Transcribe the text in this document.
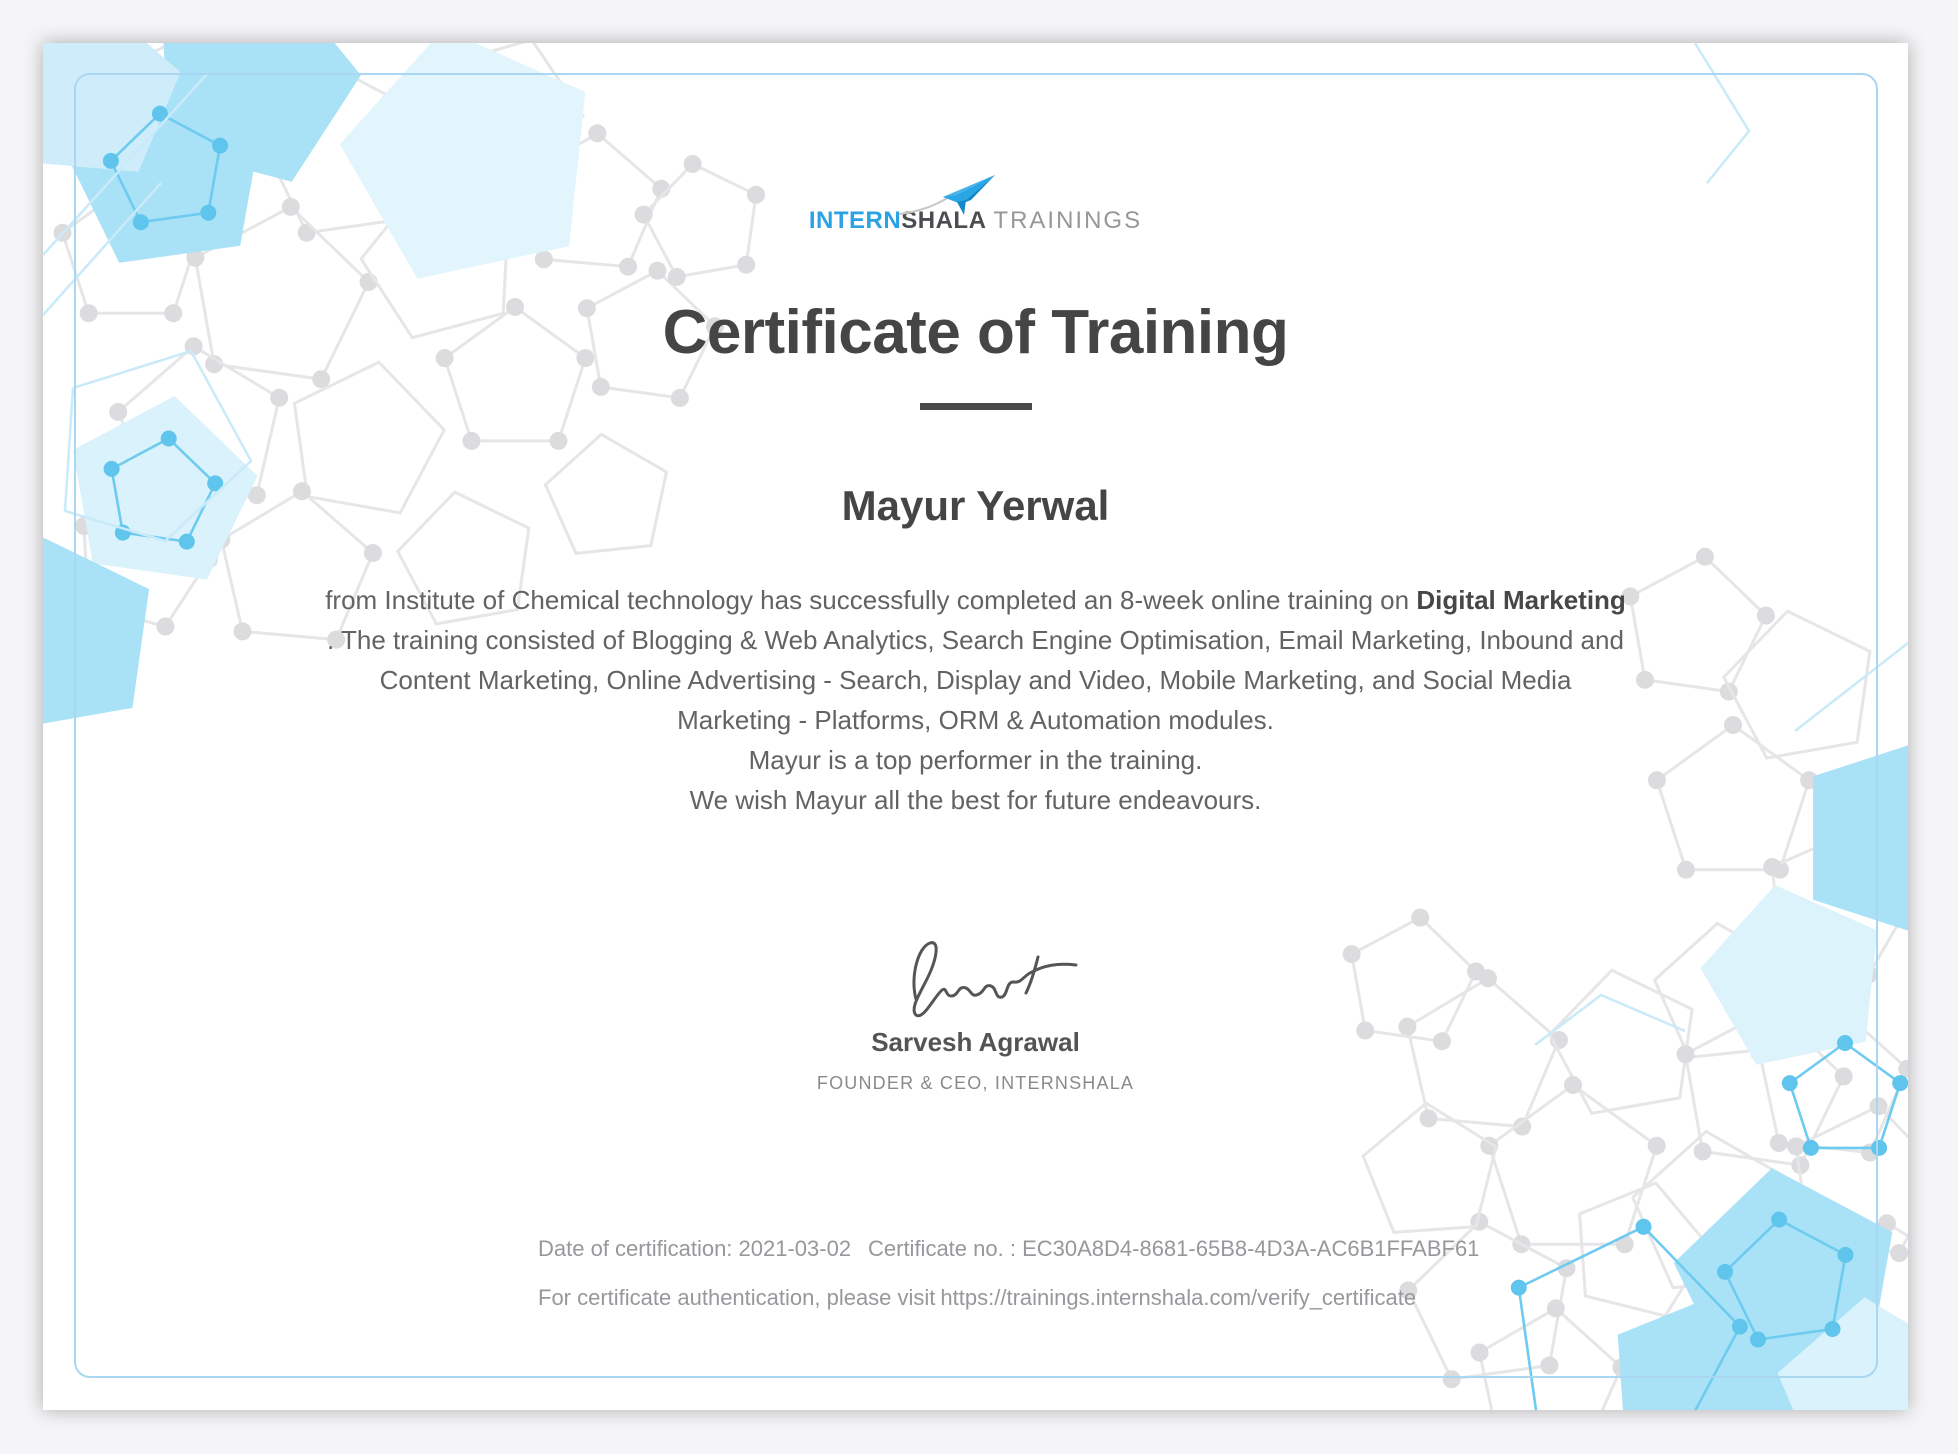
INTERNSHALA TRAININGS
Certificate of Training
Mayur Yerwal
from Institute of Chemical technology has successfully completed an 8-week online training on Digital Marketing
. The training consisted of Blogging & Web Analytics, Search Engine Optimisation, Email Marketing, Inbound and
Content Marketing, Online Advertising - Search, Display and Video, Mobile Marketing, and Social Media
Marketing - Platforms, ORM & Automation modules.
Mayur is a top performer in the training.
We wish Mayur all the best for future endeavours.
Sarvesh Agrawal
FOUNDER & CEO, INTERNSHALA
Date of certification: 2021-03-02 Certificate no. : EC30A8D4-8681-65B8-4D3A-AC6B1FFABF61
For certificate authentication, please visit https://trainings.internshala.com/verify_certificate
